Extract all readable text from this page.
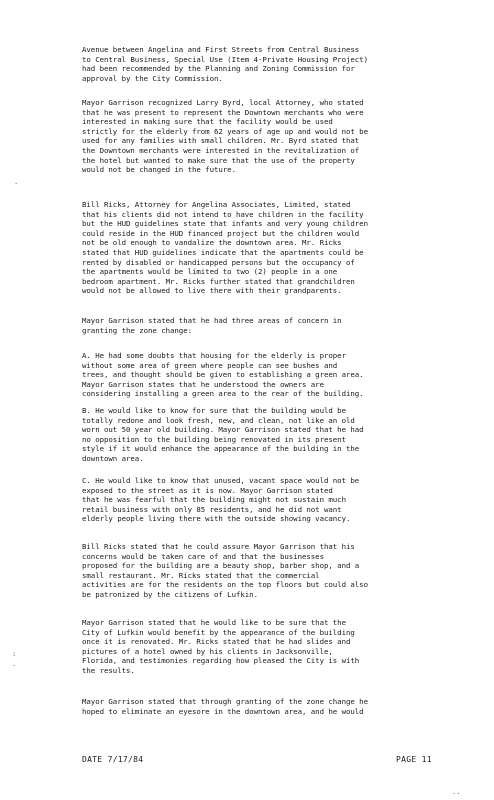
Avenue between Angelina and First Streets from Central Business
to Central Business, Special Use (Item 4-Private Housing Project)
had been recommended by the Planning and Zoning Commission for
approval by the City Commission.
Mayor Garrison recognized Larry Byrd, local Attorney, who stated
that he was present to represent the Downtown merchants who were
interested in making sure that the facility would be used
strictly for the elderly from 62 years of age up and would not be
used for any families with small children. Mr. Byrd stated that
the Downtown merchants were interested in the revitalization of
the hotel but wanted to make sure that the use of the property
would not be changed in the future.
Bill Ricks, Attorney for Angelina Associates, Limited, stated
that his clients did not intend to have children in the facility
but the HUD guidelines state that infants and very young children
could reside in the HUD financed project but the children would
not be old enough to vandalize the downtown area. Mr. Ricks
stated that HUD guidelines indicate that the apartments could be
rented by disabled or handicapped persons but the occupancy of
the apartments would be limited to two (2) people in a one
bedroom apartment. Mr. Ricks further stated that grandchildren
would not be allowed to live there with their grandparents.
Mayor Garrison stated that he had three areas of concern in
granting the zone change:
A. He had some doubts that housing for the elderly is proper
without some area of green where people can see bushes and
trees, and thought should be given to establishing a green area.
Mayor Garrison states that he understood the owners are
considering installing a green area to the rear of the building.
B. He would like to know for sure that the building would be
totally redone and look fresh, new, and clean, not like an old
worn out 50 year old building. Mayor Garrison stated that he had
no opposition to the building being renovated in its present
style if it would enhance the appearance of the building in the
downtown area.
C. He would like to know that unused, vacant space would not be
exposed to the street as it is now. Mayor Garrison stated
that he was fearful that the building might not sustain much
retail business with only 85 residents, and he did not want
elderly people living there with the outside showing vacancy.
Bill Ricks stated that he could assure Mayor Garrison that his
concerns would be taken care of and that the businesses
proposed for the building are a beauty shop, barber shop, and a
small restaurant. Mr. Ricks stated that the commercial
activities are for the residents on the top floors but could also
be patronized by the citizens of Lufkin.
Mayor Garrison stated that he would like to be sure that the
City of Lufkin would benefit by the appearance of the building
once it is renovated. Mr. Ricks stated that he had slides and
pictures of a hotel owned by his clients in Jacksonville,
Florida, and testimonies regarding how pleased the City is with
the results.
Mayor Garrison stated that through granting of the zone change he
hoped to eliminate an eyesore in the downtown area, and he would
DATE 7/17/84	PAGE 11
·
:
·
··
